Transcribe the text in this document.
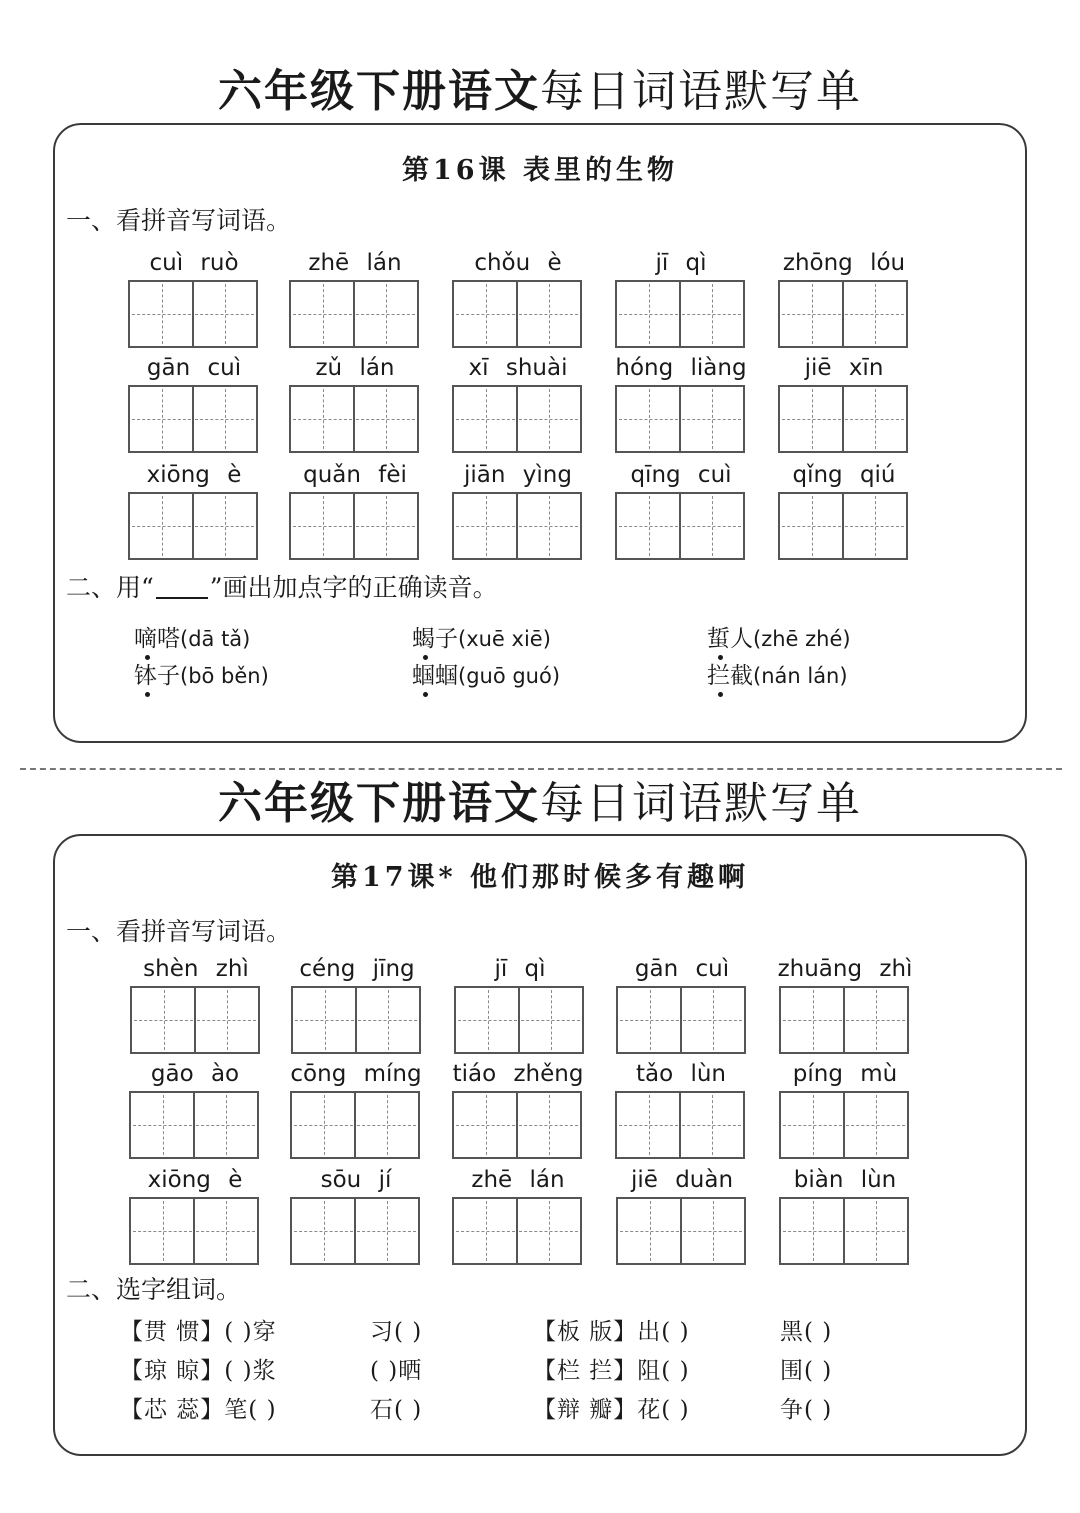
六年级下册语文每日词语默写单
第16课 表里的生物
一、看拼音写词语。
cuì ruò	zhē lán	chǒu è	jī qì	zhōng lóu
gān cuì	zǔ lán	xī shuài	hóng liàng	jiē xīn
xiōng è	quǎn fèi	jiān yìng	qīng cuì	qǐng qiú
二、用“ ”画出加点字的正确读音。
嘀嗒(dā tǎ)	蝎子(xuē xiē)	蜇人(zhē zhé)
钵子(bō běn)	蝈蝈(guō guó)	拦截(nán lán)
六年级下册语文每日词语默写单
第17课* 他们那时候多有趣啊
一、看拼音写词语。
shèn zhì	céng jīng	jī qì	gān cuì	zhuāng zhì
gāo ào	cōng míng	tiáo zhěng	tǎo lùn	píng mù
xiōng è	sōu jí	zhē lán	jiē duàn	biàn lùn
二、选字组词。
【贯 惯】( )穿	习( )	【板 版】出( )	黑( )
【琼 晾】( )浆	( )晒	【栏 拦】阻( )	围( )
【芯 蕊】笔( )	石( )	【辩 瓣】花( )	争( )
